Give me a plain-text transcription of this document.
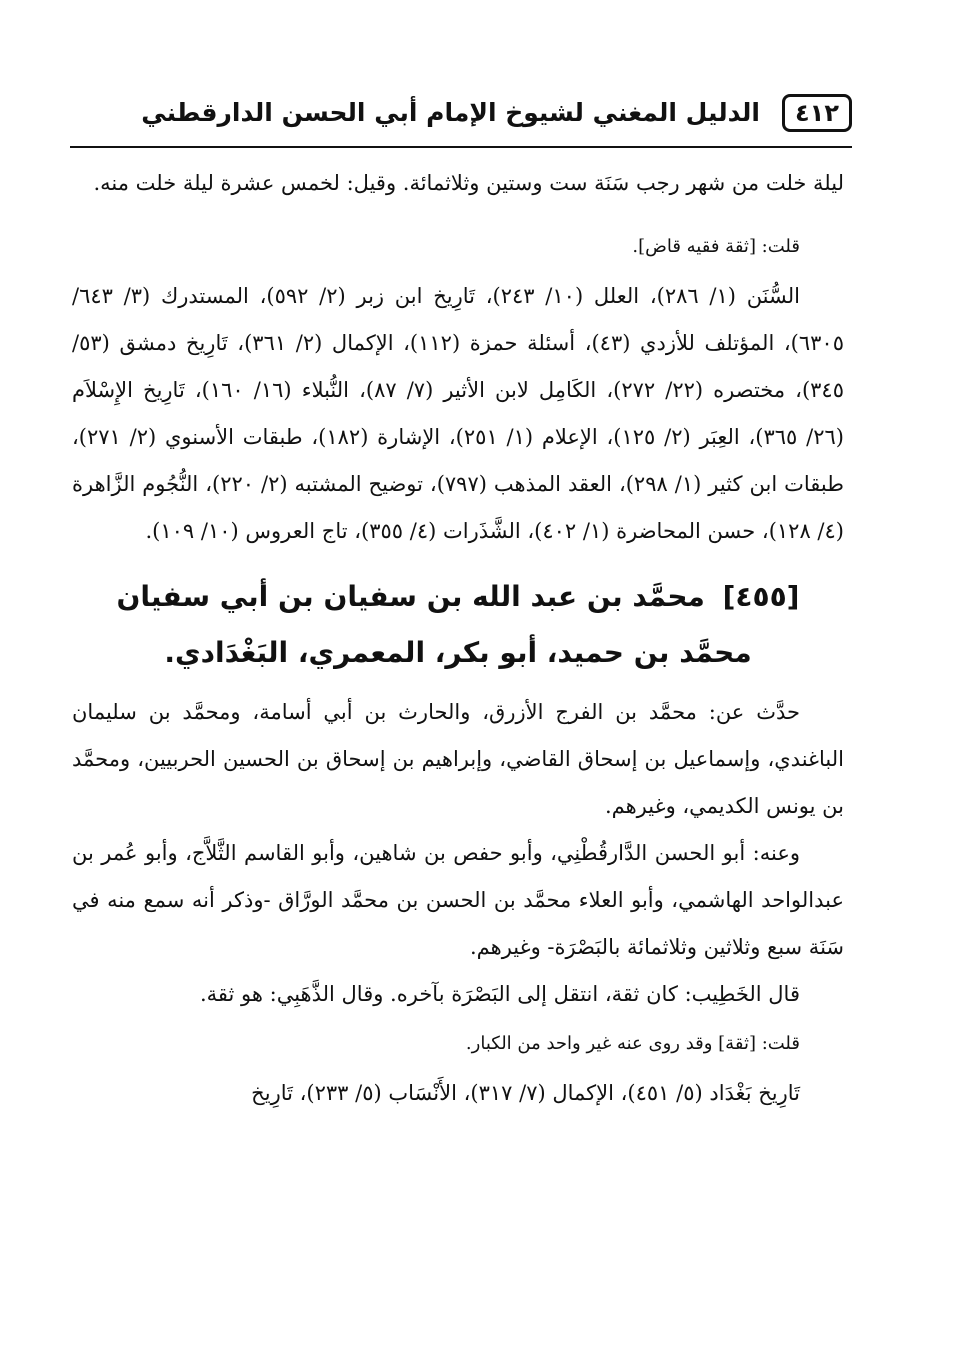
٤١٢
الدليل المغني لشيوخ الإمام أبي الحسن الدارقطني

ليلة خلت من شهر رجب سَنَة ست وستين وثلاثمائة. وقيل: لخمس عشرة ليلة خلت منه.

قلت: [ثقة فقيه قاض].

السُّنَن (١/ ٢٨٦)، العلل (١٠/ ٢٤٣)، تَارِيخ ابن زبر (٢/ ٥٩٢)، المستدرك (٣/ ٦٤٣/ ٦٣٠٥)، المؤتلف للأزدي (٤٣)، أسئلة حمزة (١١٢)، الإكمال (٢/ ٣٦١)، تَارِيخ دمشق (٥٣/ ٣٤٥)، مختصره (٢٢/ ٢٧٢)، الكَامِل لابن الأثير (٧/ ٨٧)، النُّبلاء (١٦/ ١٦٠)، تَارِيخ الإِسْلاَم (٢٦/ ٣٦٥)، العِبَر (٢/ ١٢٥)، الإعلام (١/ ٢٥١)، الإشارة (١٨٢)، طبقات الأسنوي (٢/ ٢٧١)، طبقات ابن كثير (١/ ٢٩٨)، العقد المذهب (٧٩٧)، توضيح المشتبه (٢/ ٢٢٠)، النُّجُوم الزَّاهرة (٤/ ١٢٨)، حسن المحاضرة (١/ ٤٠٢)، الشَّذَرات (٤/ ٣٥٥)، تاج العروس (١٠/ ١٠٩).

[٤٥٥] محمَّد بن عبد الله بن سفيان بن أبي سفيان محمَّد بن حميد، أبو بكر، المعمري، البَغْدَادي.

حدَّث عن: محمَّد بن الفرج الأزرق، والحارث بن أبي أسامة، ومحمَّد بن سليمان الباغندي، وإسماعيل بن إسحاق القاضي، وإبراهيم بن إسحاق بن الحسين الحربيين، ومحمَّد بن يونس الكديمي، وغيرهم.

وعنه: أبو الحسن الدَّارقُطْنِي، وأبو حفص بن شاهين، وأبو القاسم الثَّلاَّج، وأبو عُمر بن عبدالواحد الهاشمي، وأبو العلاء محمَّد بن الحسن بن محمَّد الورَّاق -وذكر أنه سمع منه في سَنَة سبع وثلاثين وثلاثمائة بالبَصْرَة- وغيرهم.

قال الخَطِيب: كان ثقة، انتقل إلى البَصْرَة بآخره. وقال الذَّهَبِي: هو ثقة.

قلت: [ثقة] وقد روى عنه غير واحد من الكبار.

تَارِيخ بَغْدَاد (٥/ ٤٥١)، الإكمال (٧/ ٣١٧)، الأَنْسَاب (٥/ ٢٣٣)، تَارِيخ
